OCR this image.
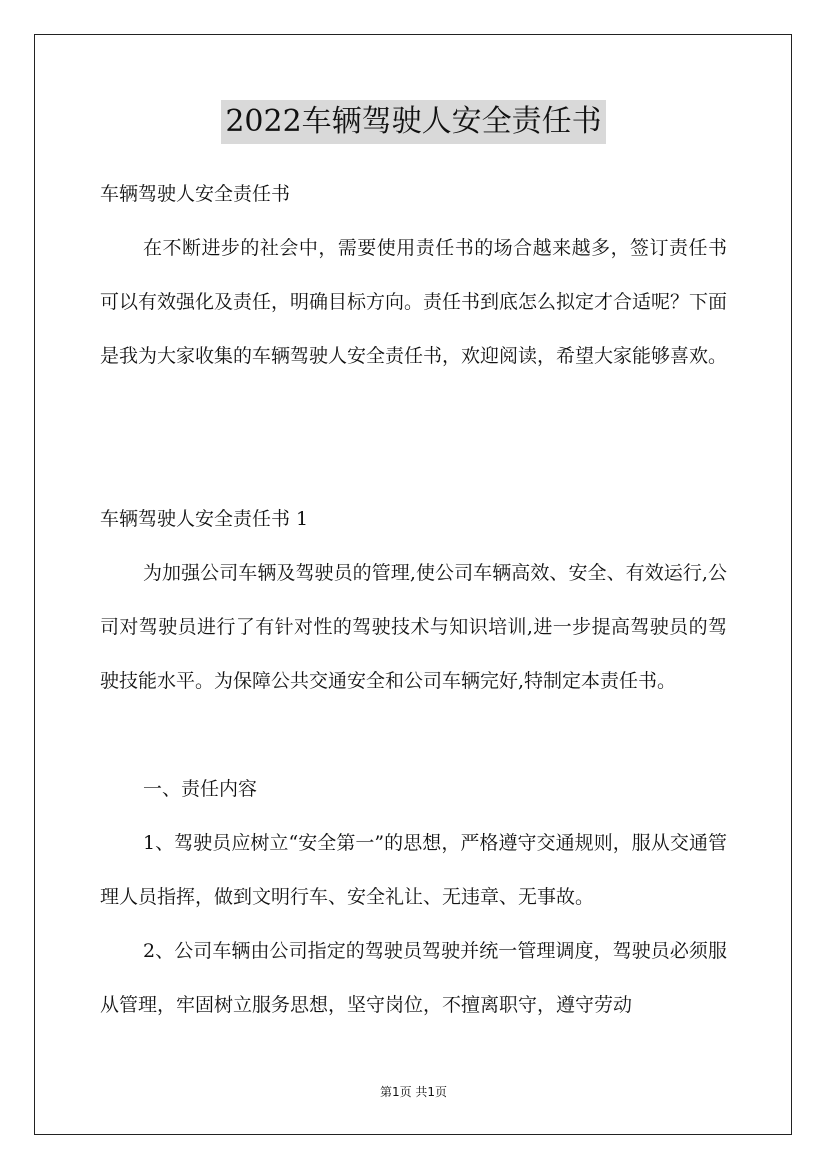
2022车辆驾驶人安全责任书

车辆驾驶人安全责任书

在不断进步的社会中，需要使用责任书的场合越来越多，签订责任书可以有效强化及责任，明确目标方向。责任书到底怎么拟定才合适呢？下面是我为大家收集的车辆驾驶人安全责任书，欢迎阅读，希望大家能够喜欢。

车辆驾驶人安全责任书 1

为加强公司车辆及驾驶员的管理,使公司车辆高效、安全、有效运行,公司对驾驶员进行了有针对性的驾驶技术与知识培训,进一步提高驾驶员的驾驶技能水平。为保障公共交通安全和公司车辆完好,特制定本责任书。

一、责任内容

1、驾驶员应树立“安全第一”的思想，严格遵守交通规则，服从交通管理人员指挥，做到文明行车、安全礼让、无违章、无事故。

2、公司车辆由公司指定的驾驶员驾驶并统一管理调度，驾驶员必须服从管理，牢固树立服务思想，坚守岗位，不擅离职守，遵守劳动

第1页 共1页
